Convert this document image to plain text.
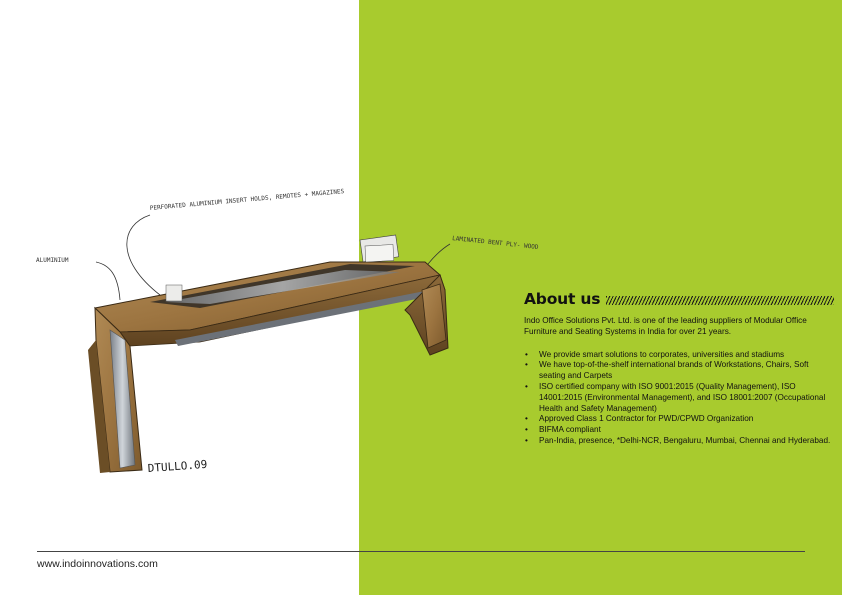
PERFORATED ALUMINIUM INSERT HOLDS, REMOTES + MAGAZINES
LAMINATED BENT PLY- WOOD
ALUMINIUM
DTULLO.09
About us

Indo Office Solutions Pvt. Ltd. is one of the leading suppliers of Modular Office Furniture and Seating Systems in India for over 21 years.

• We provide smart solutions to corporates, universities and stadiums
• We have top-of-the-shelf international brands of Workstations, Chairs, Soft seating and Carpets
• ISO certified company with ISO 9001:2015 (Quality Management), ISO 14001:2015 (Environmental Management), and ISO 18001:2007 (Occupational Health and Safety Management)
• Approved Class 1 Contractor for PWD/CPWD Organization
• BIFMA compliant
• Pan-India, presence, *Delhi-NCR, Bengaluru, Mumbai, Chennai and Hyderabad.
www.indoinnovations.com
